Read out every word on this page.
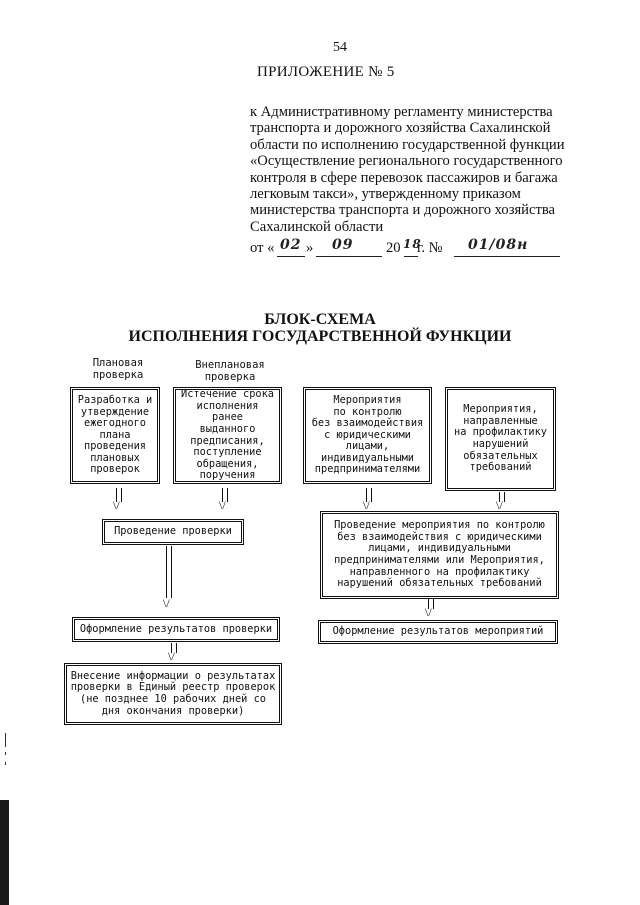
54
ПРИЛОЖЕНИЕ № 5
к Административному регламенту министерства
транспорта и дорожного хозяйства Сахалинской
области по исполнению государственной функции
«Осуществление регионального государственного
контроля в сфере перевозок пассажиров и багажа
легковым такси», утвержденному приказом
министерства транспорта и дорожного хозяйства
Сахалинской области
от « 02 » 09 20 18
г. № 01/08н
БЛОК-СХЕМА
ИСПОЛНЕНИЯ ГОСУДАРСТВЕННОЙ ФУНКЦИИ
Плановая
проверка
Внеплановая
проверка
Разработка и
утверждение
ежегодного
плана
проведения
плановых
проверок
Истечение срока
исполнения ранее
выданного
предписания,
поступление
обращения,
поручения
Мероприятия
по контролю
без взаимодействия
с юридическими
лицами,
индивидуальными
предпринимателями
Мероприятия,
направленные
на профилактику
нарушений
обязательных
требований
\/	\/	\/	\/
Проведение проверки	Проведение мероприятия по контролю
без взаимодействия с юридическими
лицами, индивидуальными
предпринимателями или Мероприятия,
направленного на профилактику
нарушений обязательных требований
\/
\/
Оформление результатов проверки	Оформление результатов мероприятий
\/
Внесение информации о результатах
проверки в Единый реестр проверок
(не позднее 10 рабочих дней со
дня окончания проверки)
